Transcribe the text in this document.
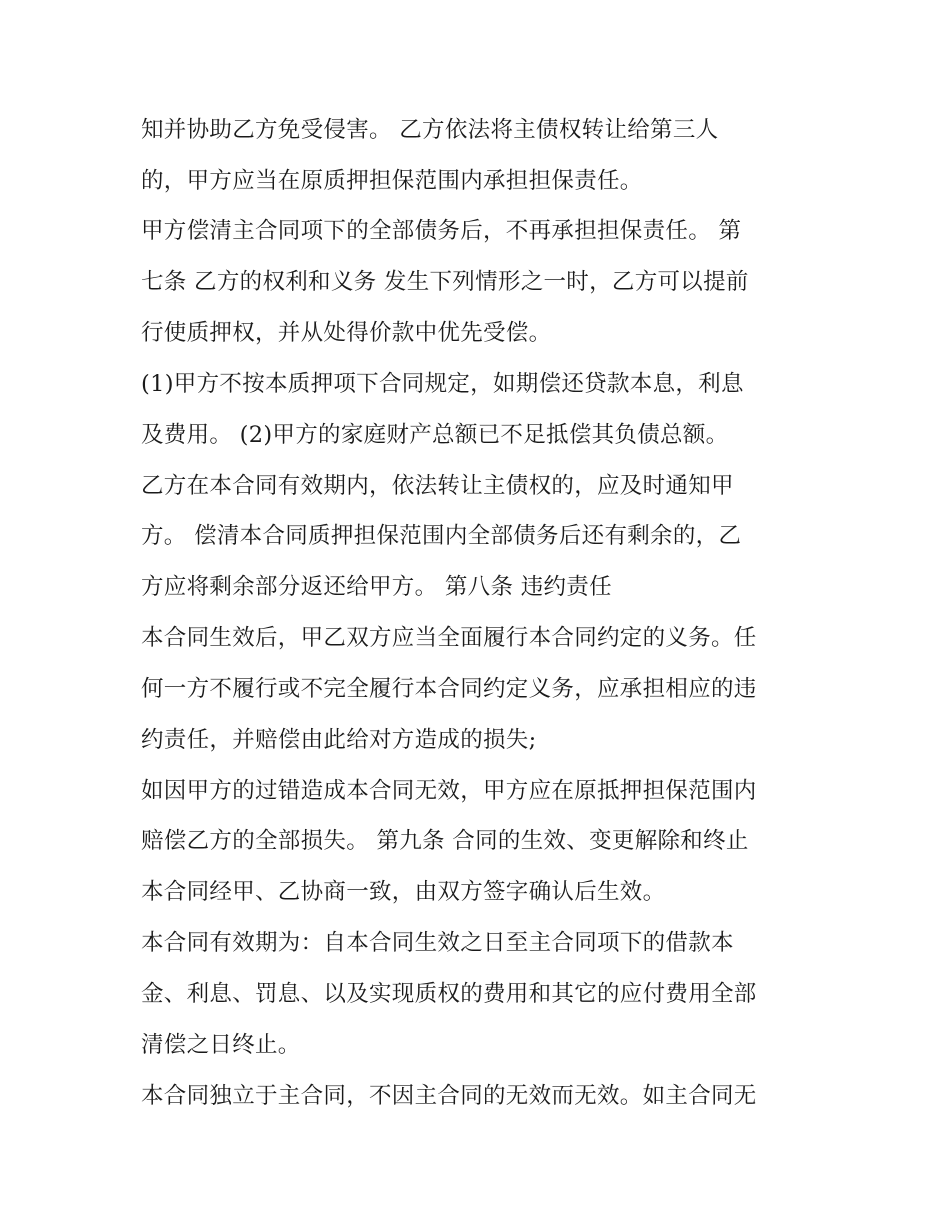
知并协助乙方免受侵害。 乙方依法将主债权转让给第三人
的，甲方应当在原质押担保范围内承担担保责任。
甲方偿清主合同项下的全部债务后，不再承担担保责任。 第
七条 乙方的权利和义务 发生下列情形之一时，乙方可以提前
行使质押权，并从处得价款中优先受偿。
(1)甲方不按本质押项下合同规定，如期偿还贷款本息，利息
及费用。 (2)甲方的家庭财产总额已不足抵偿其负债总额。
乙方在本合同有效期内，依法转让主债权的，应及时通知甲
方。 偿清本合同质押担保范围内全部债务后还有剩余的，乙
方应将剩余部分返还给甲方。 第八条 违约责任
本合同生效后，甲乙双方应当全面履行本合同约定的义务。任
何一方不履行或不完全履行本合同约定义务，应承担相应的违
约责任，并赔偿由此给对方造成的损失;
如因甲方的过错造成本合同无效，甲方应在原抵押担保范围内
赔偿乙方的全部损失。 第九条 合同的生效、变更解除和终止
本合同经甲、乙协商一致，由双方签字确认后生效。
本合同有效期为：自本合同生效之日至主合同项下的借款本
金、利息、罚息、以及实现质权的费用和其它的应付费用全部
清偿之日终止。
本合同独立于主合同，不因主合同的无效而无效。如主合同无
